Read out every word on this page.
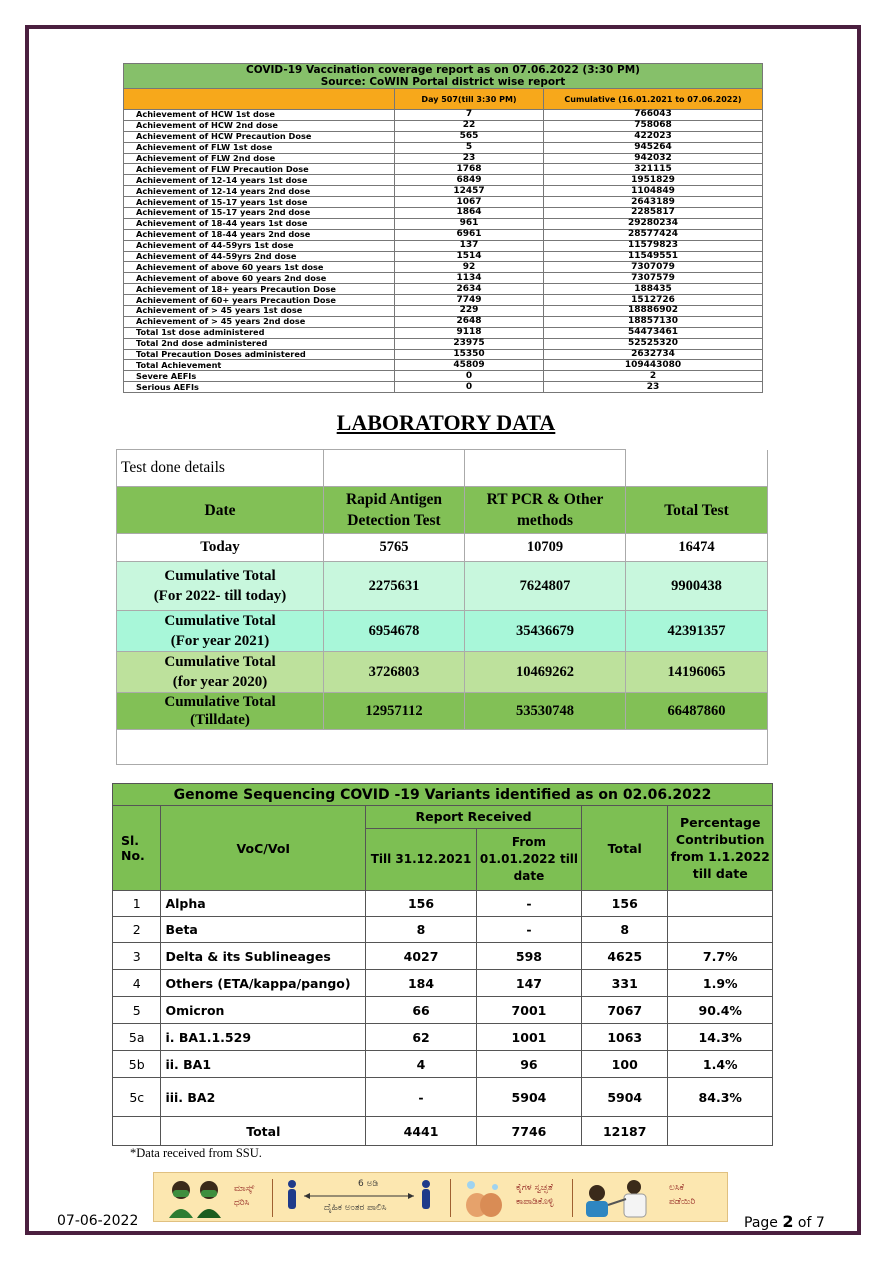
COVID-19 Vaccination coverage report as on 07.06.2022 (3:30 PM)		
Source: CoWIN Portal district wise report		
	Day 507(till 3:30 PM)	Cumulative (16.01.2021 to 07.06.2022)
Achievement of HCW 1st dose	7	766043
Achievement of HCW 2nd dose	22	758068
Achievement of HCW Precaution Dose	565	422023
Achievement of FLW 1st dose	5	945264
Achievement of FLW 2nd dose	23	942032
Achievement of FLW Precaution Dose	1768	321115
Achievement of 12-14 years 1st dose	6849	1951829
Achievement of 12-14 years 2nd dose	12457	1104849
Achievement of 15-17 years 1st dose	1067	2643189
Achievement of 15-17 years 2nd dose	1864	2285817
Achievement of 18-44 years 1st dose	961	29280234
Achievement of 18-44 years 2nd dose	6961	28577424
Achievement of 44-59yrs 1st dose	137	11579823
Achievement of 44-59yrs 2nd dose	1514	11549551
Achievement of above 60 years 1st dose	92	7307079
Achievement of above 60 years 2nd dose	1134	7307579
Achievement of 18+ years Precaution Dose	2634	188435
Achievement of 60+ years Precaution Dose	7749	1512726
Achievement of > 45 years 1st dose	229	18886902
Achievement of > 45 years 2nd dose	2648	18857130
Total 1st dose administered	9118	54473461
Total 2nd dose administered	23975	52525320
Total Precaution Doses administered	15350	2632734
Total Achievement	45809	109443080
Severe AEFIs	0	2
Serious AEFIs	0	23
LABORATORY DATA
Test done details			
Date	Rapid Antigen Detection Test	RT PCR & Other methods	Total Test
Today	5765	10709	16474
Cumulative Total
(For 2022- till today)	2275631	7624807	9900438
Cumulative Total
(For year 2021)	6954678	35436679	42391357
Cumulative Total
(for year 2020)	3726803	10469262	14196065
Cumulative Total
(Tilldate)	12957112	53530748	66487860

Genome Sequencing COVID -19 Variants identified as on 02.06.2022					
Sl. No.	VoC/VoI	Report Received		Total	Percentage Contribution from 1.1.2022 till date
		Till 31.12.2021	From 01.01.2022 till date		
1	Alpha	156	-	156	
2	Beta	8	-	8	
3	Delta & its Sublineages	4027	598	4625	7.7%
4	Others (ETA/kappa/pango)	184	147	331	1.9%
5	Omicron	66	7001	7067	90.4%
5a	i. BA1.1.529	62	1001	1063	14.3%
5b	ii. BA1	4	96	100	1.4%
5c	iii. BA2	-	5904	5904	84.3%
	Total	4441	7746	12187	
*Data received from SSU.
ಮಾಸ್ಕ್
ಧರಿಸಿ
6 ಅಡಿ
ದೈಹಿಕ ಅಂತರ ಪಾಲಿಸಿ
ಕೈಗಳ ಸ್ವಚ್ಛತೆ
ಕಾಪಾಡಿಕೊಳ್ಳಿ
ಲಸಿಕೆ
ಪಡೆಯಿರಿ
07-06-2022	Page 2 of 7
